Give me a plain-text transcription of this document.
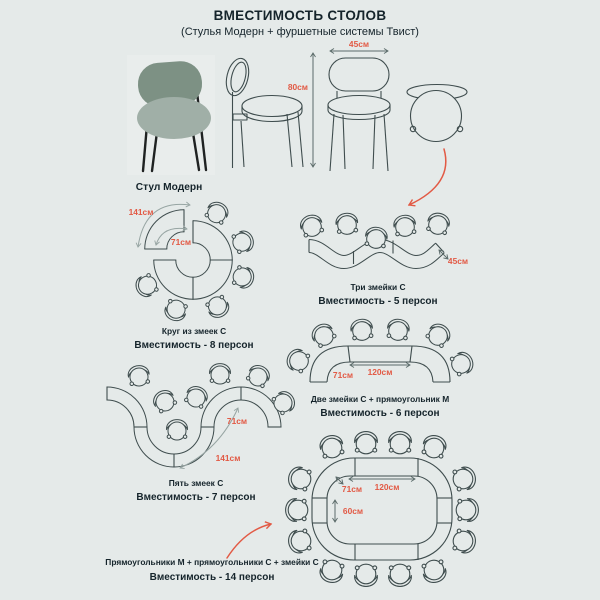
ВМЕСТИМОСТЬ СТОЛОВ
(Стулья Модерн + фуршетные системы Твист)
Стул Модерн
80см
45см
141см
71см
Круг из змеек С
Вместимость - 8 персон
45см
Три змейки С
Вместимость - 5 персон
71см 120см
Две змейки С + прямоугольник М
Вместимость - 6 персон
71см
141см
Пять змеек С
Вместимость - 7 персон
120см
71см
60см
Прямоугольники М + прямоугольники С + змейки С
Вместимость - 14 персон
